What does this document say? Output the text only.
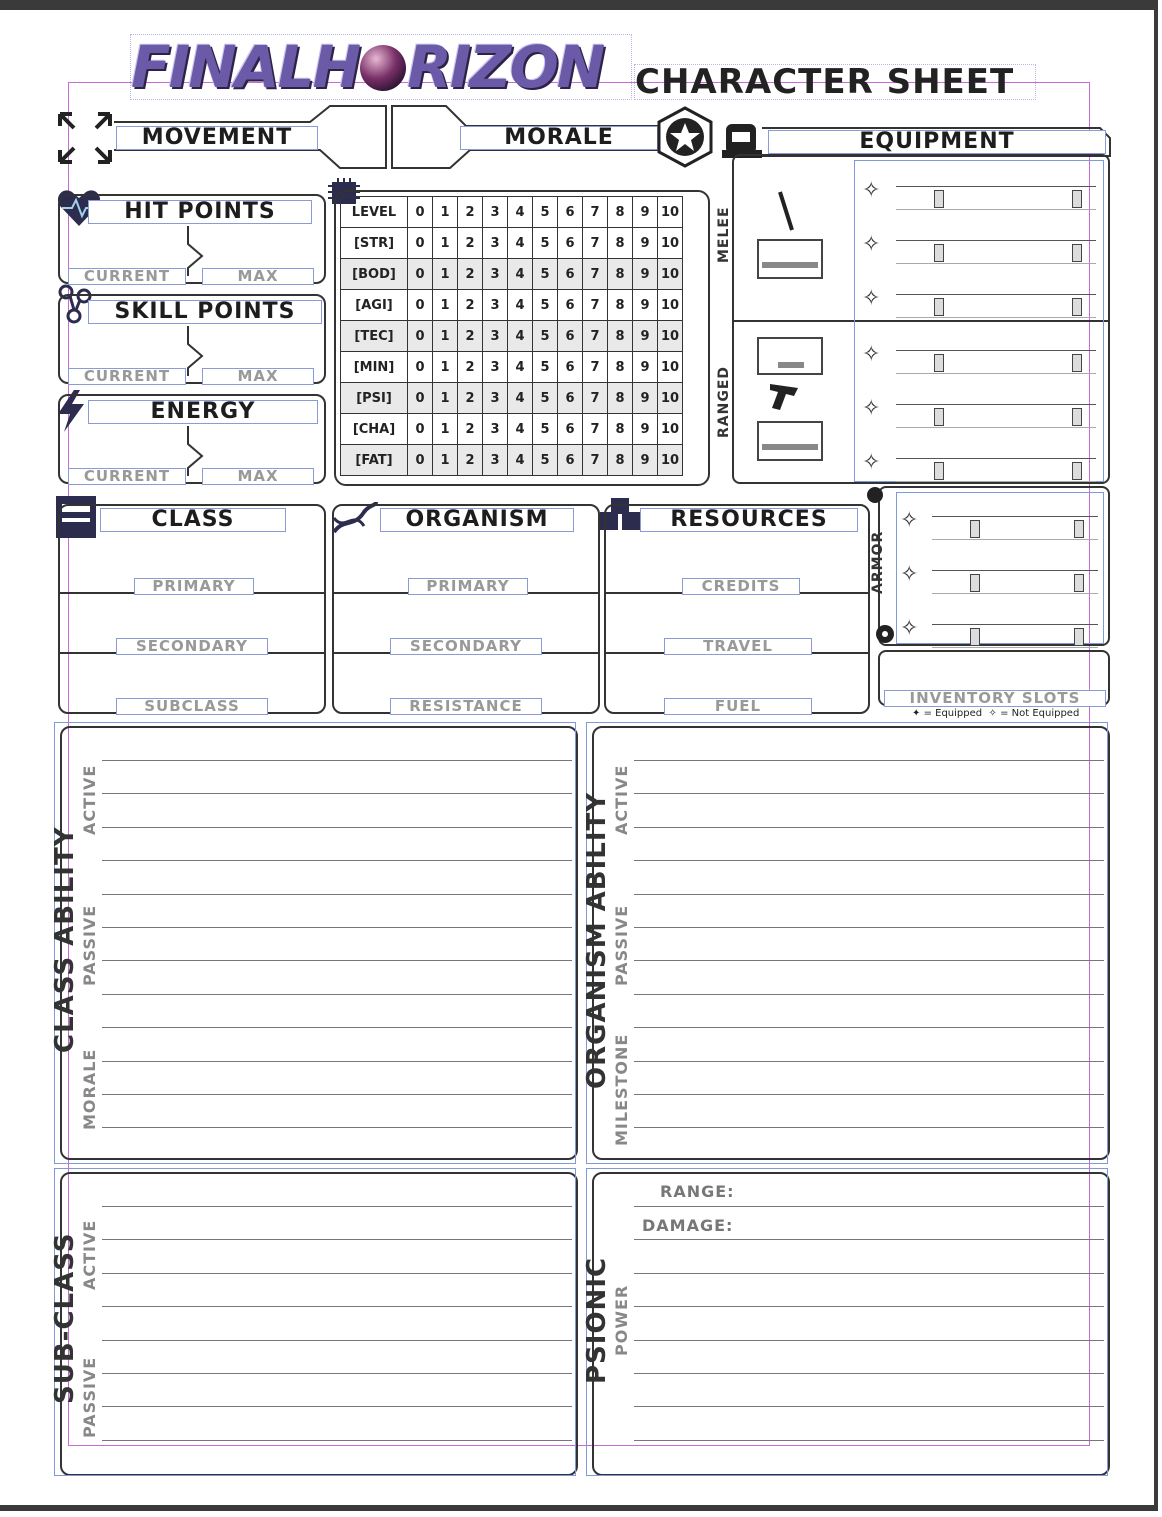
FINALH RIZON CHARACTER SHEET
MOVEMENT	MORALE	EQUIPMENT
HIT POINTS
CURRENT	MAX
SKILL POINTS
CURRENT	MAX
ENERGY
CURRENT	MAX
LEVEL	0	1	2	3	4	5	6	7	8	9	10
[STR]	0	1	2	3	4	5	6	7	8	9	10
[BOD]	0	1	2	3	4	5	6	7	8	9	10
[AGI]	0	1	2	3	4	5	6	7	8	9	10
[TEC]	0	1	2	3	4	5	6	7	8	9	10
[MIN]	0	1	2	3	4	5	6	7	8	9	10
[PSI]	0	1	2	3	4	5	6	7	8	9	10
[CHA]	0	1	2	3	4	5	6	7	8	9	10
[FAT]	0	1	2	3	4	5	6	7	8	9	10
MELEE
RANGED
✧
✧
✧
✧
✧
✧
ARMOR
✧
✧
✧
INVENTORY SLOTS
✦ = Equipped ✧ = Not Equipped
CLASS
PRIMARY
SECONDARY
SUBCLASS
ORGANISM
PRIMARY
SECONDARY
RESISTANCE
RESOURCES
CREDITS
TRAVEL
FUEL
CLASS ABILITY
ACTIVE
PASSIVE
MORALE
ORGANISM ABILITY ACTIVE
PASSIVE
MILESTONE
SUB-CLASS ACTIVE
PASSIVE
PSIONIC POWER
RANGE:
DAMAGE:
